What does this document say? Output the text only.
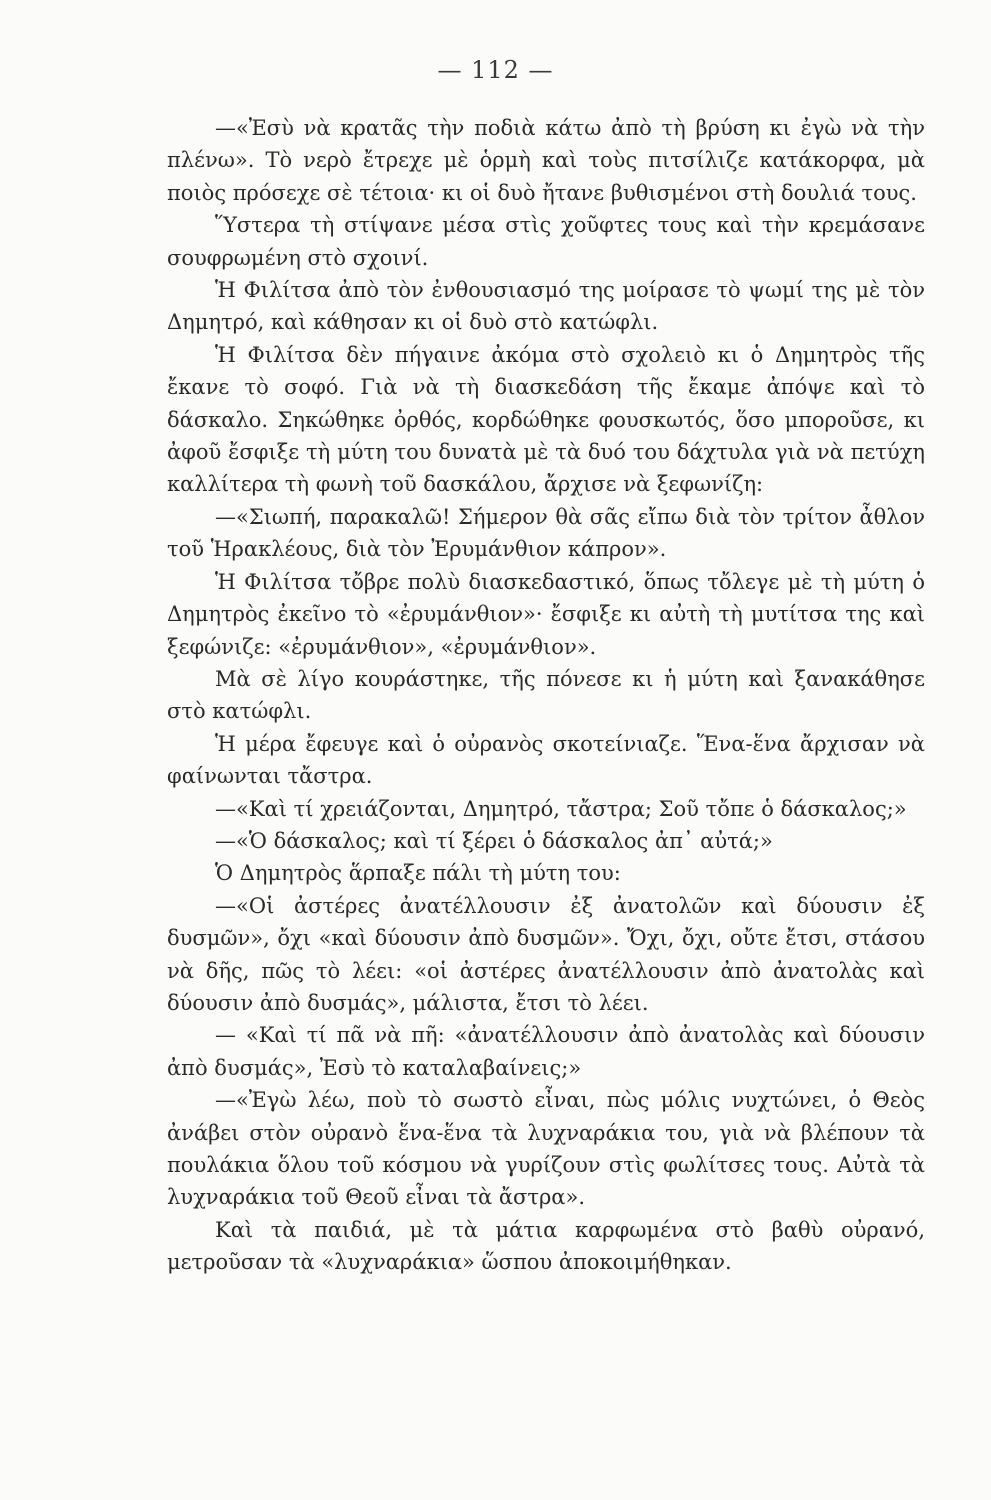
— 112 —

—«Ἐσὺ νὰ κρατᾶς τὴν ποδιὰ κάτω ἀπὸ τὴ βρύση κι ἐγὼ νὰ τὴν πλένω». Τὸ νερὸ ἔτρεχε μὲ ὁρμὴ καὶ τοὺς πιτσίλιζε κατάκορφα, μὰ ποιὸς πρόσεχε σὲ τέτοια· κι οἱ δυὸ ἤτανε βυθισμένοι στὴ δουλιά τους.

Ὕστερα τὴ στίψανε μέσα στὶς χοῦφτες τους καὶ τὴν κρεμάσανε σουφρωμένη στὸ σχοινί.

Ἡ Φιλίτσα ἀπὸ τὸν ἐνθουσιασμό της μοίρασε τὸ ψωμί της μὲ τὸν Δημητρό, καὶ κάθησαν κι οἱ δυὸ στὸ κατώφλι.

Ἡ Φιλίτσα δὲν πήγαινε ἀκόμα στὸ σχολειὸ κι ὁ Δημητρὸς τῆς ἔκανε τὸ σοφό. Γιὰ νὰ τὴ διασκεδάση τῆς ἔκαμε ἀπόψε καὶ τὸ δάσκαλο. Σηκώθηκε ὀρθός, κορδώθηκε φουσκωτός, ὅσο μποροῦσε, κι ἀφοῦ ἔσφιξε τὴ μύτη του δυνατὰ μὲ τὰ δυό του δάχτυλα γιὰ νὰ πετύχη καλλίτερα τὴ φωνὴ τοῦ δασκάλου, ἄρχισε νὰ ξεφωνίζη:

—«Σιωπή, παρακαλῶ! Σήμερον θὰ σᾶς εἴπω διὰ τὸν τρίτον ἆθλον τοῦ Ἡρακλέους, διὰ τὸν Ἐρυμάνθιον κάπρον».

Ἡ Φιλίτσα τὄβρε πολὺ διασκεδαστικό, ὅπως τὄλεγε μὲ τὴ μύτη ὁ Δημητρὸς ἐκεῖνο τὸ «ἐρυμάνθιον»· ἔσφιξε κι αὐτὴ τὴ μυτίτσα της καὶ ξεφώνιζε: «ἐρυμάνθιον», «ἐρυμάνθιον».

Μὰ σὲ λίγο κουράστηκε, τῆς πόνεσε κι ἡ μύτη καὶ ξανακάθησε στὸ κατώφλι.

Ἡ μέρα ἔφευγε καὶ ὁ οὐρανὸς σκοτείνιαζε. Ἕνα-ἕνα ἄρχισαν νὰ φαίνωνται τἄστρα.

—«Καὶ τί χρειάζονται, Δημητρό, τἄστρα; Σοῦ τὄπε ὁ δάσκαλος;»

—«Ὁ δάσκαλος; καὶ τί ξέρει ὁ δάσκαλος ἀπ᾿ αὐτά;»

Ὁ Δημητρὸς ἅρπαξε πάλι τὴ μύτη του:

—«Οἱ ἀστέρες ἀνατέλλουσιν ἐξ ἀνατολῶν καὶ δύουσιν ἐξ δυσμῶν», ὄχι «καὶ δύουσιν ἀπὸ δυσμῶν». Ὄχι, ὄχι, οὔτε ἔτσι, στάσου νὰ δῆς, πῶς τὸ λέει: «οἱ ἀστέρες ἀνατέλλουσιν ἀπὸ ἀνατολὰς καὶ δύουσιν ἀπὸ δυσμάς», μάλιστα, ἔτσι τὸ λέει.

— «Καὶ τί πᾶ νὰ πῆ: «ἀνατέλλουσιν ἀπὸ ἀνατολὰς καὶ δύουσιν ἀπὸ δυσμάς», Ἐσὺ τὸ καταλαβαίνεις;»

—«Ἐγὼ λέω, ποὺ τὸ σωστὸ εἶναι, πὼς μόλις νυχτώνει, ὁ Θεὸς ἀνάβει στὸν οὐρανὸ ἕνα-ἕνα τὰ λυχναράκια του, γιὰ νὰ βλέπουν τὰ πουλάκια ὅλου τοῦ κόσμου νὰ γυρίζουν στὶς φωλίτσες τους. Αὐτὰ τὰ λυχναράκια τοῦ Θεοῦ εἶναι τὰ ἄστρα».

Καὶ τὰ παιδιά, μὲ τὰ μάτια καρφωμένα στὸ βαθὺ οὐρανό, μετροῦσαν τὰ «λυχναράκια» ὥσπου ἀποκοιμήθηκαν.
